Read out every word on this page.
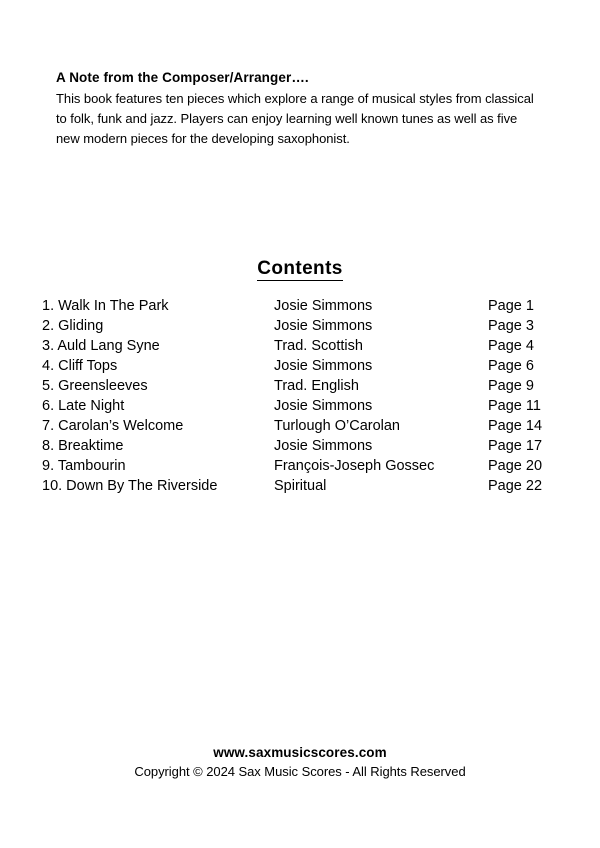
A Note from the Composer/Arranger….

This book features ten pieces which explore a range of musical styles from classical to folk, funk and jazz. Players can enjoy learning well known tunes as well as five new modern pieces for the developing saxophonist.

Contents
1. Walk In The Park	Josie Simmons	Page 1
2. Gliding	Josie Simmons	Page 3
3. Auld Lang Syne	Trad. Scottish	Page 4
4. Cliff Tops	Josie Simmons	Page 6
5. Greensleeves	Trad. English	Page 9
6. Late Night	Josie Simmons	Page 11
7. Carolan’s Welcome	Turlough O’Carolan	Page 14
8. Breaktime	Josie Simmons	Page 17
9. Tambourin	François-Joseph Gossec	Page 20
10. Down By The Riverside	Spiritual	Page 22
www.saxmusicscores.com
Copyright © 2024 Sax Music Scores - All Rights Reserved
